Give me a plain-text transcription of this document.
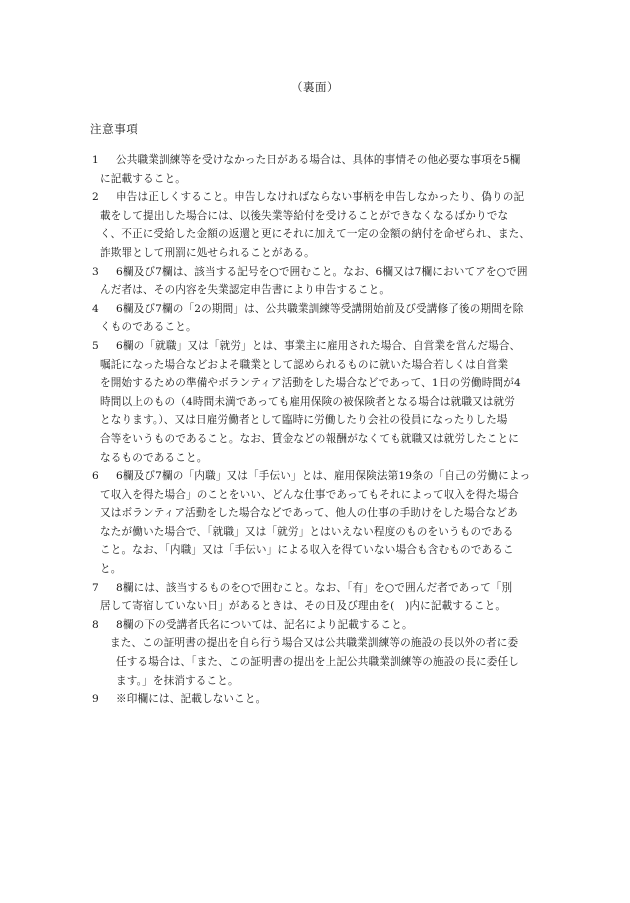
（裏面）
注意事項
1	公共職業訓練等を受けなかった日がある場合は、具体的事情その他必要な事項を5欄
に記載すること。
2	申告は正しくすること。申告しなければならない事柄を申告しなかったり、偽りの記
載をして提出した場合には、以後失業等給付を受けることができなくなるばかりでな
く、不正に受給した金額の返還と更にそれに加えて一定の金額の納付を命ぜられ、また、
詐欺罪として刑罰に処せられることがある。
3	6欄及び7欄は、該当する記号を○で囲むこと。なお、6欄又は7欄においてアを○で囲
んだ者は、その内容を失業認定申告書により申告すること。
4	6欄及び7欄の「2の期間」は、公共職業訓練等受講開始前及び受講修了後の期間を除
くものであること。
5	6欄の「就職」又は「就労」とは、事業主に雇用された場合、自営業を営んだ場合、
嘱託になった場合などおよそ職業として認められるものに就いた場合若しくは自営業
を開始するための準備やボランティア活動をした場合などであって、1日の労働時間が4
時間以上のもの（4時間未満であっても雇用保険の被保険者となる場合は就職又は就労
となります。）、又は日雇労働者として臨時に労働したり会社の役員になったりした場
合等をいうものであること。なお、賃金などの報酬がなくても就職又は就労したことに
なるものであること。
6	6欄及び7欄の「内職」又は「手伝い」とは、雇用保険法第19条の「自己の労働によっ
て収入を得た場合」のことをいい、どんな仕事であってもそれによって収入を得た場合
又はボランティア活動をした場合などであって、他人の仕事の手助けをした場合などあ
なたが働いた場合で、「就職」又は「就労」とはいえない程度のものをいうものである
こと。なお、「内職」又は「手伝い」による収入を得ていない場合も含むものであるこ
と。
7	8欄には、該当するものを○で囲むこと。なお、「有」を○で囲んだ者であって「別
居して寄宿していない日」があるときは、その日及び理由を(　)内に記載すること。
8	8欄の下の受講者氏名については、記名により記載すること。
また、この証明書の提出を自ら行う場合又は公共職業訓練等の施設の長以外の者に委
任する場合は、「また、この証明書の提出を上記公共職業訓練等の施設の長に委任し
ます。」を抹消すること。
9	※印欄には、記載しないこと。
